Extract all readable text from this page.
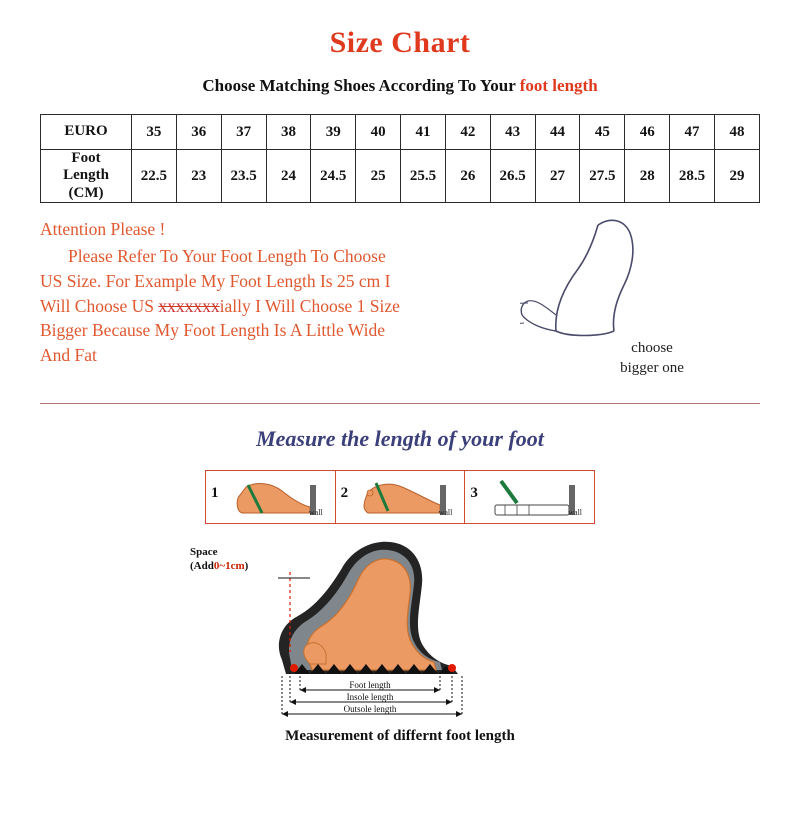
Size Chart
Choose Matching Shoes According To Your foot length
EURO	35	36	37	38	39	40	41	42	43	44	45	46	47	48

Foot
Length
(CM)	22.5	23	23.5	24	24.5	25	25.5	26	26.5	27	27.5	28	28.5	29
Attention Please !
Please Refer To Your Foot Length To Choose
US Size. For Example My Foot Length Is 25 cm I
Will Choose US xxxxxxxially I Will Choose 1 Size
Bigger Because My Foot Length Is A Little Wide
And Fat	choose
bigger one
Measure the length of your foot
1
wall
2
wall
3
wall
Space
(Add0~1cm)
Foot length
Insole length
Outsole length
Measurement of differnt foot length
